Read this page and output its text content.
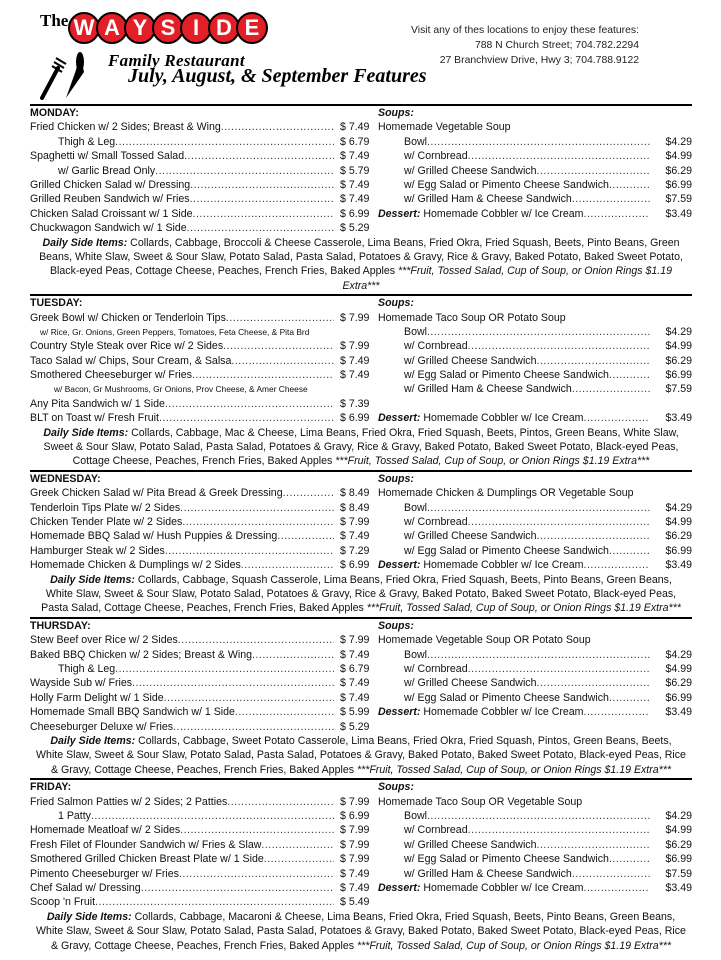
The W A Y S I D E
Family Restaurant
July, August, & September Features
Visit any of thes locations to enjoy these features:
788 N Church Street; 704.782.2294
27 Branchview Drive, Hwy 3; 704.788.9122
MONDAY:
Fried Chicken w/ 2 Sides; Breast & Wing .....	$ 7.49
Thigh & Leg .....	$ 6.79
Spaghetti w/ Small Tossed Salad .....	$ 7.49
w/ Garlic Bread Only .....	$ 5.79
Grilled Chicken Salad w/ Dressing .....	$ 7.49
Grilled Reuben Sandwich w/ Fries .....	$ 7.49
Chicken Salad Croissant w/ 1 Side .....	$ 6.99
Chuckwagon Sandwich w/ 1 Side .....	$ 5.29
Soups:
Homemade Vegetable Soup
Bowl .....	$4.29
w/ Cornbread .....	$4.99
w/ Grilled Cheese Sandwich .....	$6.29
w/ Egg Salad or Pimento Cheese Sandwich .....	$6.99
w/ Grilled Ham & Cheese Sandwich .....	$7.59
Dessert: Homemade Cobbler w/ Ice Cream .....	$3.49
Daily Side Items: Collards, Cabbage, Broccoli & Cheese Casserole, Lima Beans, Fried Okra, Fried Squash, Beets, Pinto Beans, Green Beans, White Slaw, Sweet & Sour Slaw, Potato Salad, Pasta Salad, Potatoes & Gravy, Rice & Gravy, Baked Potato, Baked Sweet Potato, Black-eyed Peas, Cottage Cheese, Peaches, French Fries, Baked Apples ***Fruit, Tossed Salad, Cup of Soup, or Onion Rings $1.19 Extra***
TUESDAY:
Greek Bowl w/ Chicken or Tenderloin Tips .....	$ 7.99
w/ Rice, Gr. Onions, Green Peppers, Tomatoes, Feta Cheese, & Pita Brd
Country Style Steak over Rice w/ 2 Sides .....	$ 7.99
Taco Salad w/ Chips, Sour Cream, & Salsa .....	$ 7.49
Smothered Cheeseburger w/ Fries .....	$ 7.49
w/ Bacon, Gr Mushrooms, Gr Onions, Prov Cheese, & Amer Cheese
Any Pita Sandwich w/ 1 Side .....	$ 7.39
BLT on Toast w/ Fresh Fruit .....	$ 6.99
Soups:
Homemade Taco Soup OR Potato Soup
Bowl .....	$4.29
w/ Cornbread .....	$4.99
w/ Grilled Cheese Sandwich .....	$6.29
w/ Egg Salad or Pimento Cheese Sandwich .....	$6.99
w/ Grilled Ham & Cheese Sandwich .....	$7.59
Dessert: Homemade Cobbler w/ Ice Cream .....	$3.49
Daily Side Items: Collards, Cabbage, Mac & Cheese, Lima Beans, Fried Okra, Fried Squash, Beets, Pintos, Green Beans, White Slaw, Sweet & Sour Slaw, Potato Salad, Pasta Salad, Potatoes & Gravy, Rice & Gravy, Baked Potato, Baked Sweet Potato, Black-eyed Peas, Cottage Cheese, Peaches, French Fries, Baked Apples ***Fruit, Tossed Salad, Cup of Soup, or Onion Rings $1.19 Extra***
WEDNESDAY:
Greek Chicken Salad w/ Pita Bread & Greek Dressing .....	$ 8.49
Tenderloin Tips Plate w/ 2 Sides .....	$ 8.49
Chicken Tender Plate w/ 2 Sides .....	$ 7.99
Homemade BBQ Salad w/ Hush Puppies & Dressing .....	$ 7.49
Hamburger Steak w/ 2 Sides .....	$ 7.29
Homemade Chicken & Dumplings w/ 2 Sides .....	$ 6.99
Soups:
Homemade Chicken & Dumplings OR Vegetable Soup
Bowl .....	$4.29
w/ Cornbread .....	$4.99
w/ Grilled Cheese Sandwich .....	$6.29
w/ Egg Salad or Pimento Cheese Sandwich .....	$6.99
Dessert: Homemade Cobbler w/ Ice Cream .....	$3.49
Daily Side Items: Collards, Cabbage, Squash Casserole, Lima Beans, Fried Okra, Fried Squash, Beets, Pinto Beans, Green Beans, White Slaw, Sweet & Sour Slaw, Potato Salad, Potatoes & Gravy, Rice & Gravy, Baked Potato, Baked Sweet Potato, Black-eyed Peas, Pasta Salad, Cottage Cheese, Peaches, French Fries, Baked Apples ***Fruit, Tossed Salad, Cup of Soup, or Onion Rings $1.19 Extra***
THURSDAY:
Stew Beef over Rice w/ 2 Sides .....	$ 7.99
Baked BBQ Chicken w/ 2 Sides; Breast & Wing .....	$ 7.49
Thigh & Leg .....	$ 6.79
Wayside Sub w/ Fries .....	$ 7.49
Holly Farm Delight w/ 1 Side .....	$ 7.49
Homemade Small BBQ Sandwich w/ 1 Side .....	$ 5.99
Cheeseburger Deluxe w/ Fries .....	$ 5.29
Soups:
Homemade Vegetable Soup OR Potato Soup
Bowl .....	$4.29
w/ Cornbread .....	$4.99
w/ Grilled Cheese Sandwich .....	$6.29
w/ Egg Salad or Pimento Cheese Sandwich .....	$6.99
Dessert: Homemade Cobbler w/ Ice Cream .....	$3.49
Daily Side Items: Collards, Cabbage, Sweet Potato Casserole, Lima Beans, Fried Okra, Fried Squash, Pintos, Green Beans, Beets, White Slaw, Sweet & Sour Slaw, Potato Salad, Pasta Salad, Potatoes & Gravy, Baked Potato, Baked Sweet Potato, Black-eyed Peas, Rice & Gravy, Cottage Cheese, Peaches, French Fries, Baked Apples ***Fruit, Tossed Salad, Cup of Soup, or Onion Rings $1.19 Extra***
FRIDAY:
Fried Salmon Patties w/ 2 Sides; 2 Patties .....	$ 7.99
1 Patty .....	$ 6.99
Homemade Meatloaf w/ 2 Sides .....	$ 7.99
Fresh Filet of Flounder Sandwich w/ Fries & Slaw .....	$ 7.99
Smothered Grilled Chicken Breast Plate w/ 1 Side .....	$ 7.99
Pimento Cheeseburger w/ Fries .....	$ 7.49
Chef Salad w/ Dressing .....	$ 7.49
Scoop 'n Fruit .....	$ 5.49
Soups:
Homemade Taco Soup OR Vegetable Soup
Bowl .....	$4.29
w/ Cornbread .....	$4.99
w/ Grilled Cheese Sandwich .....	$6.29
w/ Egg Salad or Pimento Cheese Sandwich .....	$6.99
w/ Grilled Ham & Cheese Sandwich .....	$7.59
Dessert: Homemade Cobbler w/ Ice Cream .....	$3.49
Daily Side Items: Collards, Cabbage, Macaroni & Cheese, Lima Beans, Fried Okra, Fried Squash, Beets, Pinto Beans, Green Beans, White Slaw, Sweet & Sour Slaw, Potato Salad, Pasta Salad, Potatoes & Gravy, Baked Potato, Baked Sweet Potato, Black-eyed Peas, Rice & Gravy, Cottage Cheese, Peaches, French Fries, Baked Apples ***Fruit, Tossed Salad, Cup of Soup, or Onion Rings $1.19 Extra***
